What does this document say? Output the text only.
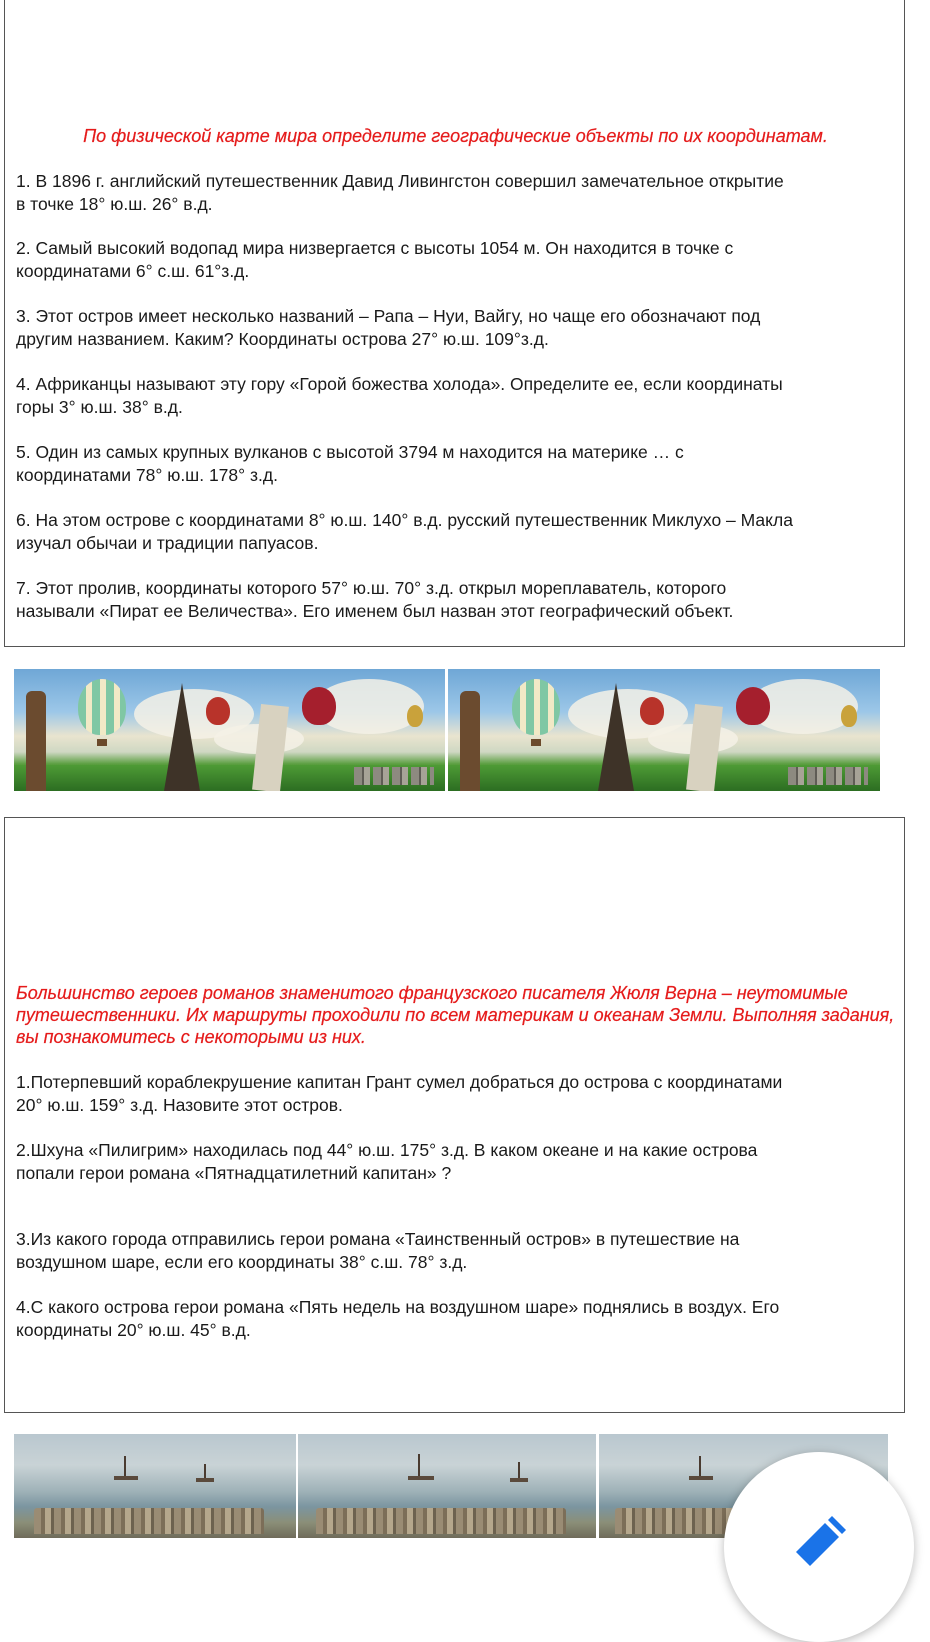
По физической карте мира определите географические объекты по их координатам.
1. В 1896 г. английский путешественник Давид Ливингстон совершил замечательное открытие
в точке 18° ю.ш. 26° в.д.
2. Самый высокий водопад мира низвергается с высоты 1054 м. Он находится в точке с
координатами 6° с.ш. 61°з.д.
3. Этот остров имеет несколько названий – Рапа – Нуи, Вайгу, но чаще его обозначают под
другим названием. Каким? Координаты острова 27° ю.ш. 109°з.д.
4. Африканцы называют эту гору «Горой божества холода». Определите ее, если координаты
горы 3° ю.ш. 38° в.д.
5. Один из самых крупных вулканов с высотой 3794 м находится на материке … с
координатами 78° ю.ш. 178° з.д.
6. На этом острове с координатами 8° ю.ш. 140° в.д. русский путешественник Миклухо – Макла
изучал обычаи и традиции папуасов.
7. Этот пролив, координаты которого 57° ю.ш. 70° з.д. открыл мореплаватель, которого
называли «Пират ее Величества». Его именем был назван этот географический объект.
Большинство героев романов знаменитого французского писателя Жюля Верна – неутомимые путешественники. Их маршруты проходили по всем материкам и океанам Земли. Выполняя задания, вы познакомитесь с некоторыми из них.
1.Потерпевший кораблекрушение капитан Грант сумел добраться до острова с координатами
20° ю.ш. 159° з.д. Назовите этот остров.
2.Шхуна «Пилигрим» находилась под 44° ю.ш. 175° з.д. В каком океане и на какие острова
попали герои романа «Пятнадцатилетний капитан» ?
3.Из какого города отправились герои романа «Таинственный остров» в путешествие на
воздушном шаре, если его координаты 38° с.ш. 78° з.д.
4.С какого острова герои романа «Пять недель на воздушном шаре» поднялись в воздух. Его
координаты 20° ю.ш. 45° в.д.
